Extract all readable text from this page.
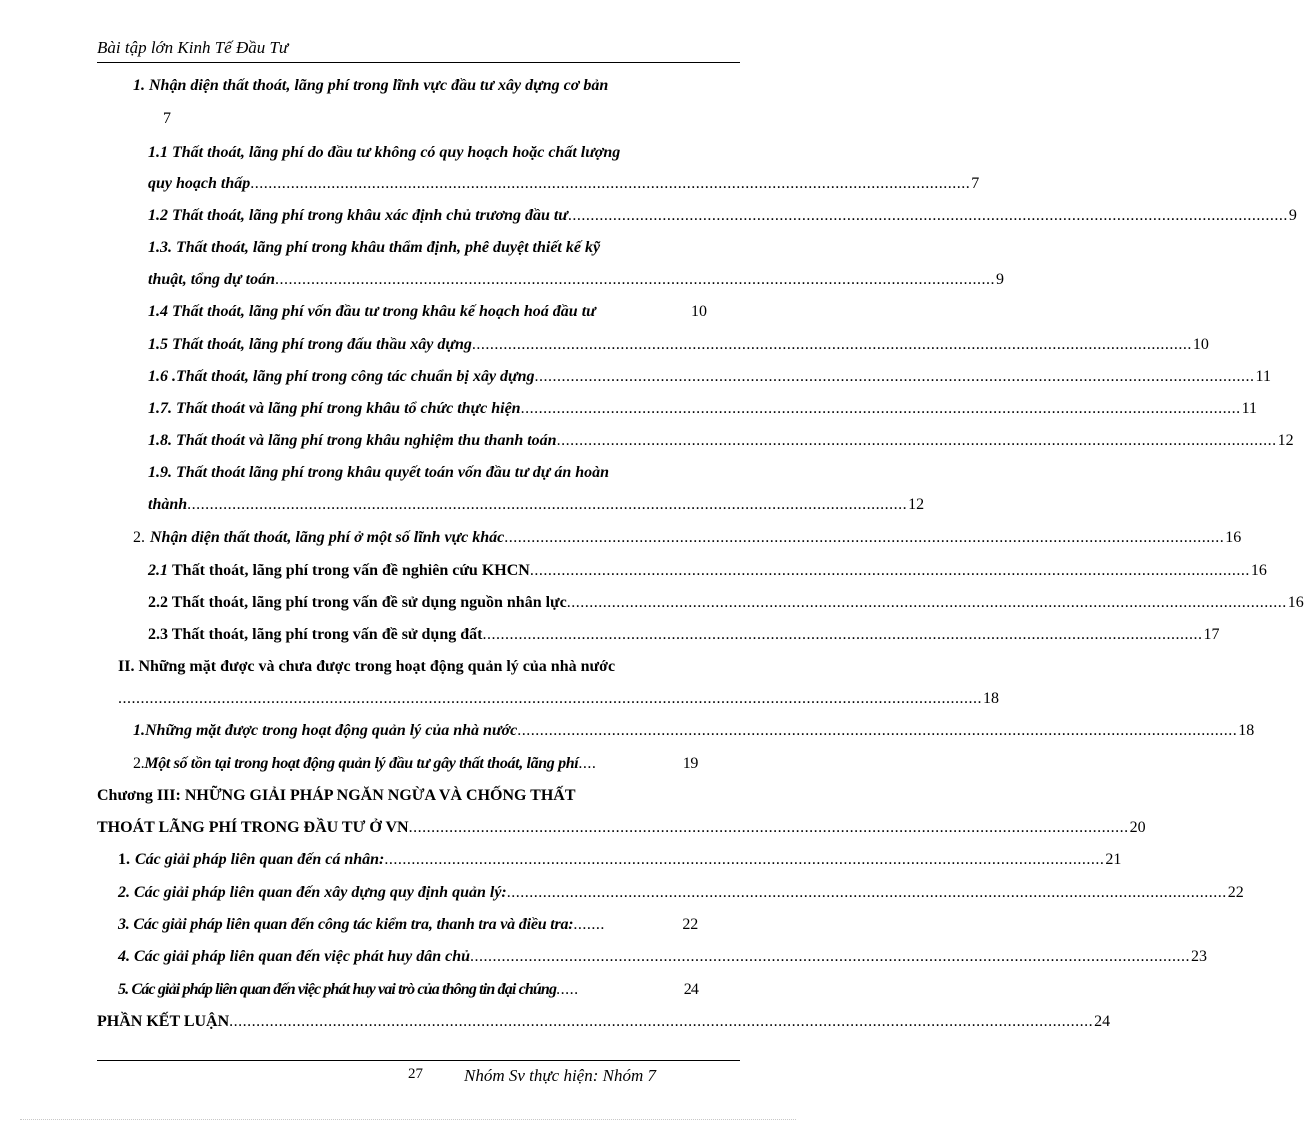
Bài tập lớn Kinh Tế Đầu Tư
1. Nhận diện thất thoát, lãng phí trong lĩnh vực đầu tư xây dựng cơ bản
7
1.1 Thất thoát, lãng phí do đầu tư không có quy hoạch hoặc chất lượng
quy hoạch thấp ................................................................................................................................................................ 7
1.2 Thất thoát, lãng phí trong khâu xác định chủ trương đầu tư ................................................................................................................................................................ 9
1.3. Thất thoát, lãng phí trong khâu thẩm định, phê duyệt thiết kế kỹ
thuật, tổng dự toán ................................................................................................................................................................ 9
1.4 Thất thoát, lãng phí vốn đầu tư trong khâu kế hoạch hoá đầu tư	10
1.5 Thất thoát, lãng phí trong đấu thầu xây dựng ................................................................................................................................................................ 10
1.6 .Thất thoát, lãng phí trong công tác chuẩn bị xây dựng ................................................................................................................................................................ 11
1.7. Thất thoát và lãng phí trong khâu tổ chức thực hiện ................................................................................................................................................................ 11
1.8. Thất thoát và lãng phí trong khâu nghiệm thu thanh toán ................................................................................................................................................................ 12
1.9. Thất thoát lãng phí trong khâu quyết toán vốn đầu tư dự án hoàn
thành ................................................................................................................................................................ 12
2. Nhận diện thất thoát, lãng phí ở một số lĩnh vực khác ................................................................................................................................................................ 16
2.1 Thất thoát, lãng phí trong vấn đề nghiên cứu KHCN ................................................................................................................................................................ 16
2.2 Thất thoát, lãng phí trong vấn đề sử dụng nguồn nhân lực ................................................................................................................................................................ 16
2.3 Thất thoát, lãng phí trong vấn đề sử dụng đất ................................................................................................................................................................ 17
II. Những mặt được và chưa được trong hoạt động quản lý của nhà nước
................................................................................................................................................................................................ 18
1.Những mặt được trong hoạt động quản lý của nhà nước ................................................................................................................................................................ 18
2. Một số tồn tại trong hoạt động quản lý đầu tư gây thất thoát, lãng phí ....	19
Chương III: NHỮNG GIẢI PHÁP NGĂN NGỪA VÀ CHỐNG THẤT
THOÁT LÃNG PHÍ TRONG ĐẦU TƯ Ở VN ................................................................................................................................................................ 20
1. Các giải pháp liên quan đến cá nhân: ................................................................................................................................................................ 21
2. Các giải pháp liên quan đến xây dựng quy định quản lý: ................................................................................................................................................................ 22
3. Các giải pháp liên quan đến công tác kiểm tra, thanh tra và điều tra: .......	22
4. Các giải pháp liên quan đến việc phát huy dân chủ ................................................................................................................................................................ 23
5. Các giải pháp liên quan đến việc phát huy vai trò của thông tin đại chúng .....	24
PHẦN KẾT LUẬN ................................................................................................................................................................................................ 24
27 Nhóm Sv thực hiện: Nhóm 7
